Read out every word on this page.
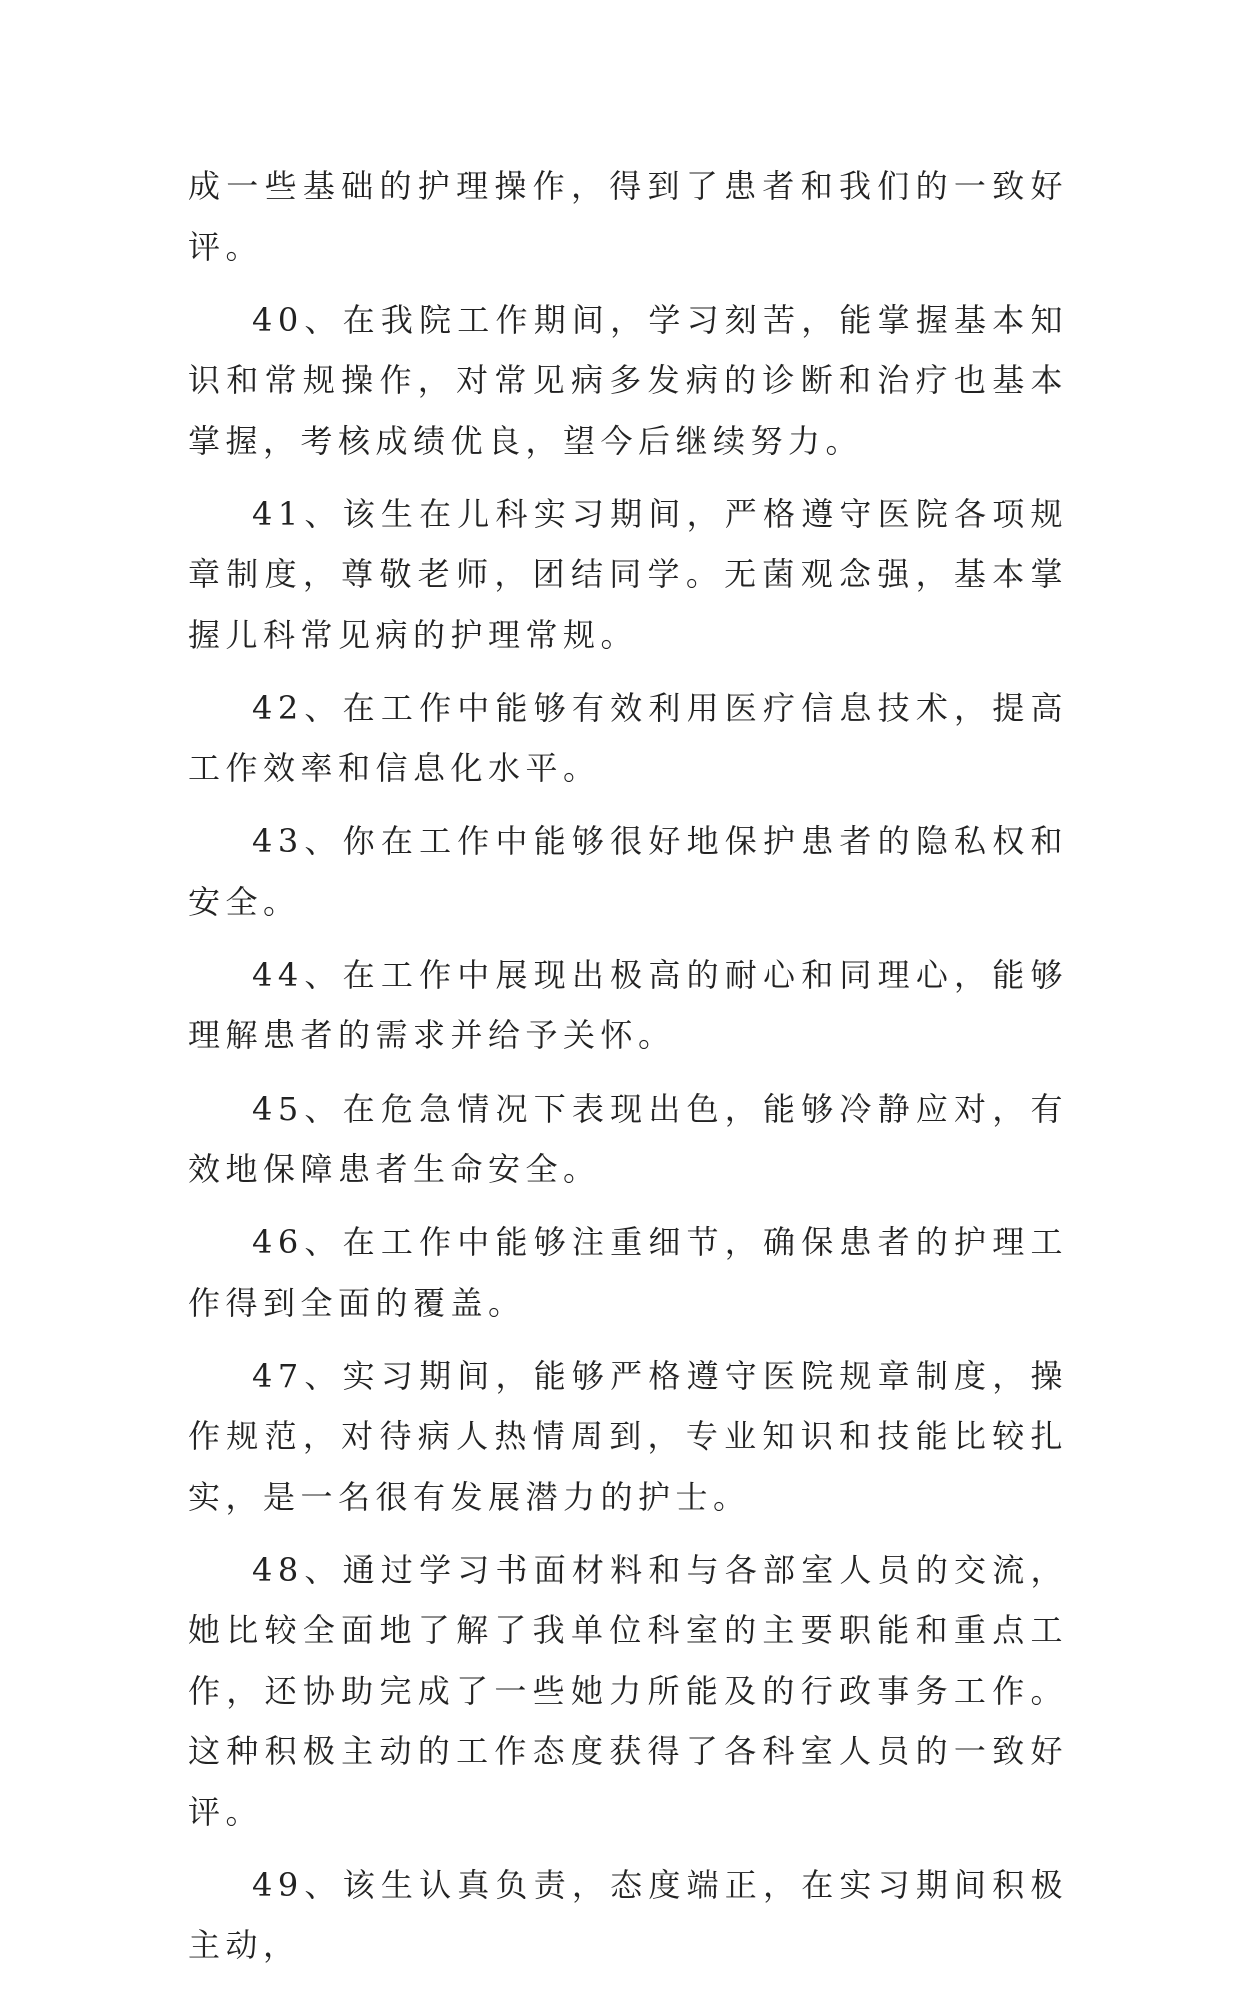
成一些基础的护理操作，得到了患者和我们的一致好评。

40、在我院工作期间，学习刻苦，能掌握基本知识和常规操作，对常见病多发病的诊断和治疗也基本掌握，考核成绩优良，望今后继续努力。

41、该生在儿科实习期间，严格遵守医院各项规章制度，尊敬老师，团结同学。无菌观念强，基本掌握儿科常见病的护理常规。

42、在工作中能够有效利用医疗信息技术，提高工作效率和信息化水平。

43、你在工作中能够很好地保护患者的隐私权和安全。

44、在工作中展现出极高的耐心和同理心，能够理解患者的需求并给予关怀。

45、在危急情况下表现出色，能够冷静应对，有效地保障患者生命安全。

46、在工作中能够注重细节，确保患者的护理工作得到全面的覆盖。

47、实习期间，能够严格遵守医院规章制度，操作规范，对待病人热情周到，专业知识和技能比较扎实，是一名很有发展潜力的护士。

48、通过学习书面材料和与各部室人员的交流，她比较全面地了解了我单位科室的主要职能和重点工作，还协助完成了一些她力所能及的行政事务工作。这种积极主动的工作态度获得了各科室人员的一致好评。

49、该生认真负责，态度端正，在实习期间积极主动，
